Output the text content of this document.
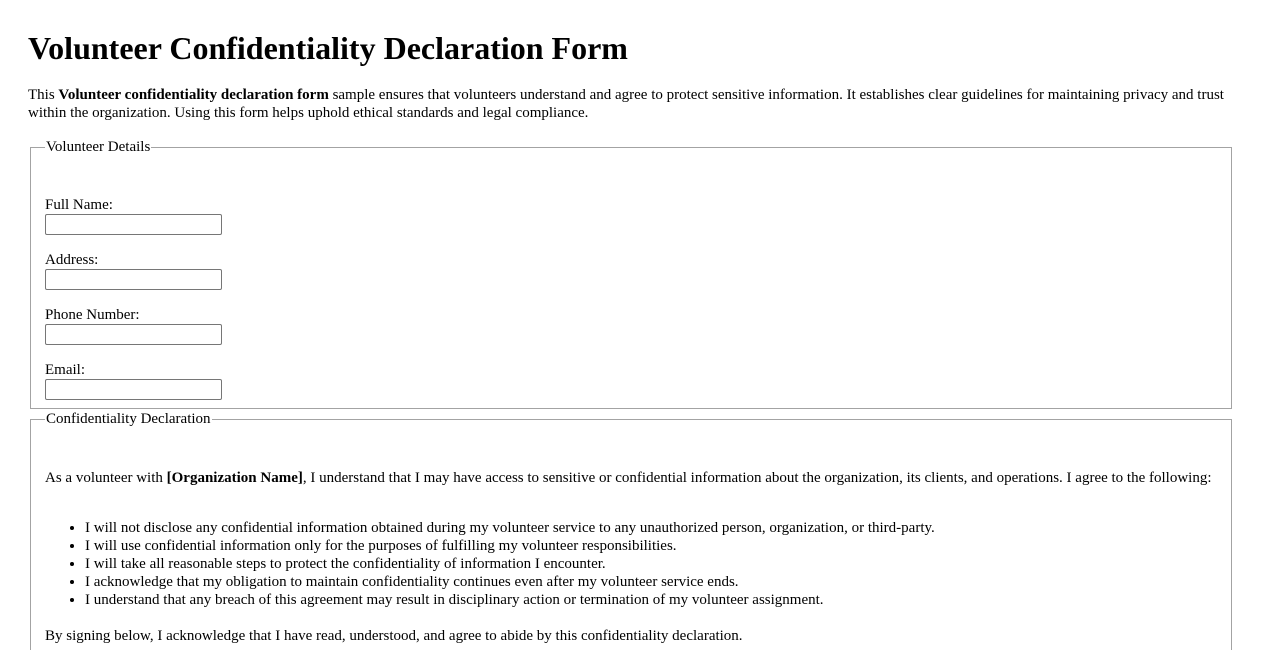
Volunteer Confidentiality Declaration Form

This Volunteer confidentiality declaration form sample ensures that volunteers understand and agree to protect sensitive information. It establishes clear guidelines for maintaining privacy and trust within the organization. Using this form helps uphold ethical standards and legal compliance.

Volunteer Details
Full Name:
Address:
Phone Number:
Email:
Confidentiality Declaration

As a volunteer with [Organization Name], I understand that I may have access to sensitive or confidential information about the organization, its clients, and operations. I agree to the following:

• I will not disclose any confidential information obtained during my volunteer service to any unauthorized person, organization, or third-party.
• I will use confidential information only for the purposes of fulfilling my volunteer responsibilities.
• I will take all reasonable steps to protect the confidentiality of information I encounter.
• I acknowledge that my obligation to maintain confidentiality continues even after my volunteer service ends.
• I understand that any breach of this agreement may result in disciplinary action or termination of my volunteer assignment.

By signing below, I acknowledge that I have read, understood, and agree to abide by this confidentiality declaration.
